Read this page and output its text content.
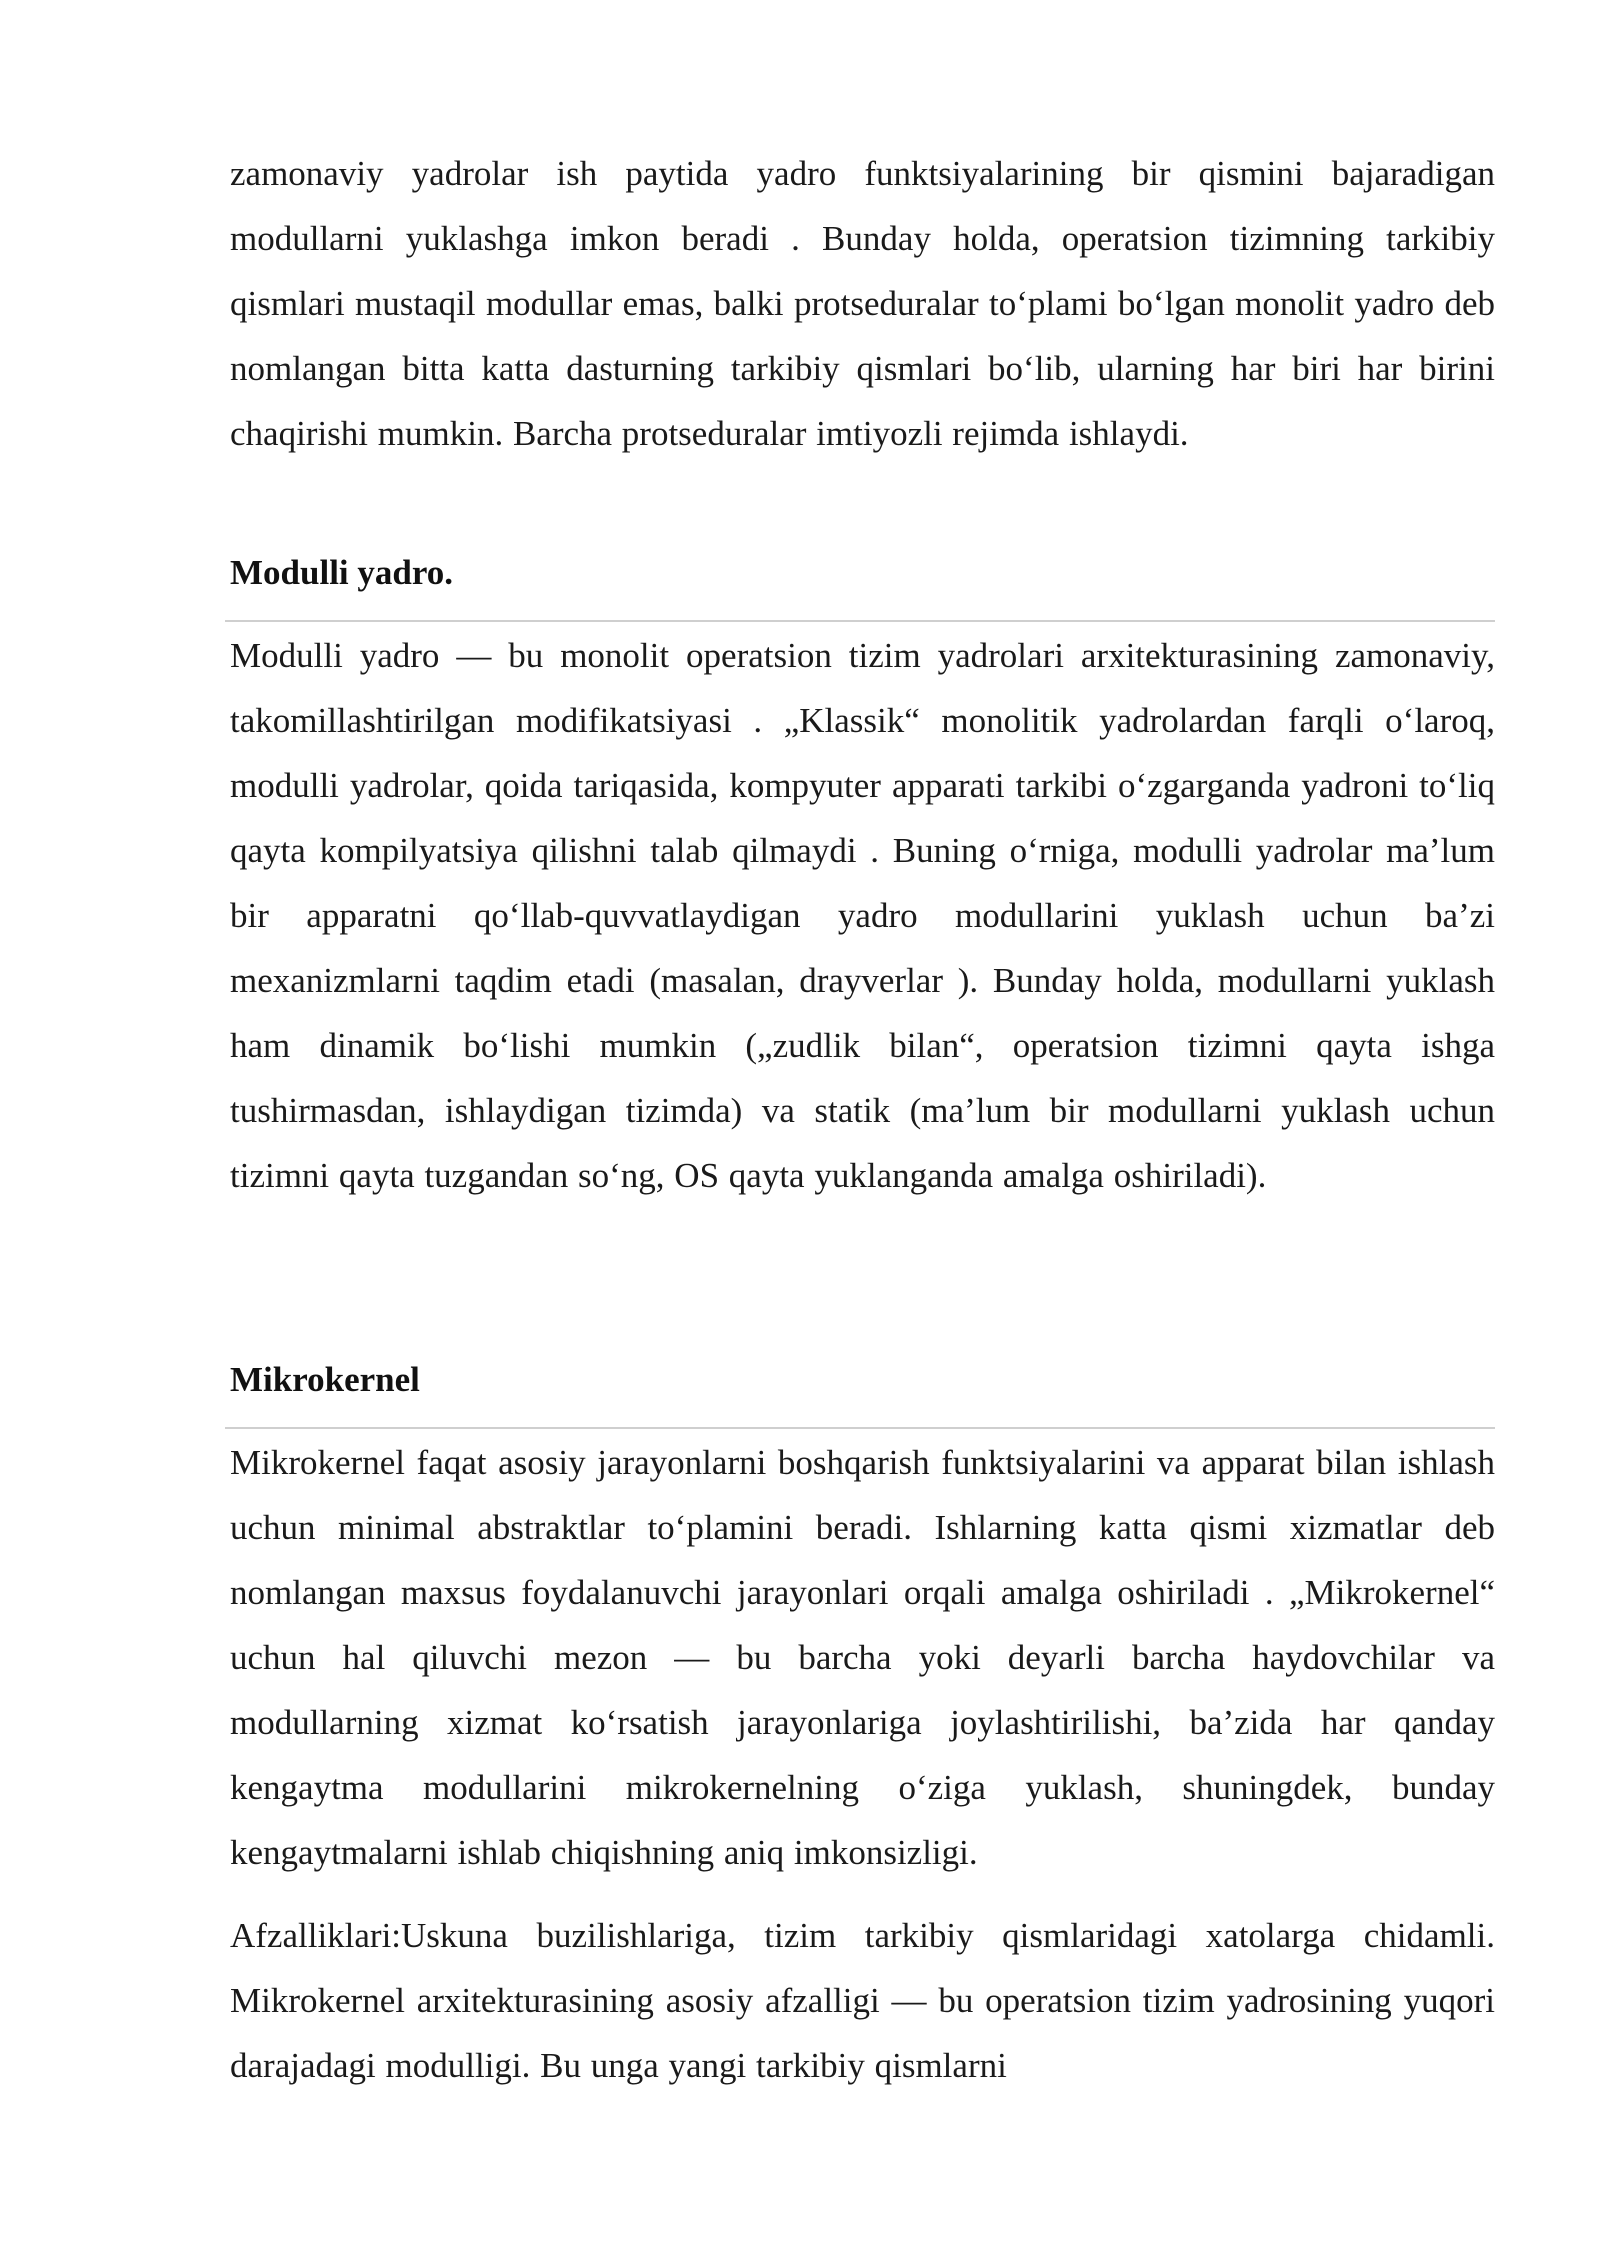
zamonaviy yadrolar ish paytida yadro funktsiyalarining bir qismini bajaradigan modullarni yuklashga imkon beradi . Bunday holda, operatsion tizimning tarkibiy qismlari mustaqil modullar emas, balki protseduralar to‘plami bo‘lgan monolit yadro deb nomlangan bitta katta dasturning tarkibiy qismlari bo‘lib, ularning har biri har birini chaqirishi mumkin. Barcha protseduralar imtiyozli rejimda ishlaydi.

Modulli yadro.

Modulli yadro — bu monolit operatsion tizim yadrolari arxitekturasining zamonaviy, takomillashtirilgan modifikatsiyasi . „Klassik“ monolitik yadrolardan farqli o‘laroq, modulli yadrolar, qoida tariqasida, kompyuter apparati tarkibi o‘zgarganda yadroni to‘liq qayta kompilyatsiya qilishni talab qilmaydi . Buning o‘rniga, modulli yadrolar ma’lum bir apparatni qo‘llab-quvvatlaydigan yadro modullarini yuklash uchun ba’zi mexanizmlarni taqdim etadi (masalan, drayverlar ). Bunday holda, modullarni yuklash ham dinamik bo‘lishi mumkin („zudlik bilan“, operatsion tizimni qayta ishga tushirmasdan, ishlaydigan tizimda) va statik (ma’lum bir modullarni yuklash uchun tizimni qayta tuzgandan so‘ng, OS qayta yuklanganda amalga oshiriladi).

Mikrokernel

Mikrokernel faqat asosiy jarayonlarni boshqarish funktsiyalarini va apparat bilan ishlash uchun minimal abstraktlar to‘plamini beradi. Ishlarning katta qismi xizmatlar deb nomlangan maxsus foydalanuvchi jarayonlari orqali amalga oshiriladi . „Mikrokernel“ uchun hal qiluvchi mezon — bu barcha yoki deyarli barcha haydovchilar va modullarning xizmat ko‘rsatish jarayonlariga joylashtirilishi, ba’zida har qanday kengaytma modullarini mikrokernelning o‘ziga yuklash, shuningdek, bunday kengaytmalarni ishlab chiqishning aniq imkonsizligi.

Afzalliklari:Uskuna buzilishlariga, tizim tarkibiy qismlaridagi xatolarga chidamli. Mikrokernel arxitekturasining asosiy afzalligi — bu operatsion tizim yadrosining yuqori darajadagi modulligi. Bu unga yangi tarkibiy qismlarni
